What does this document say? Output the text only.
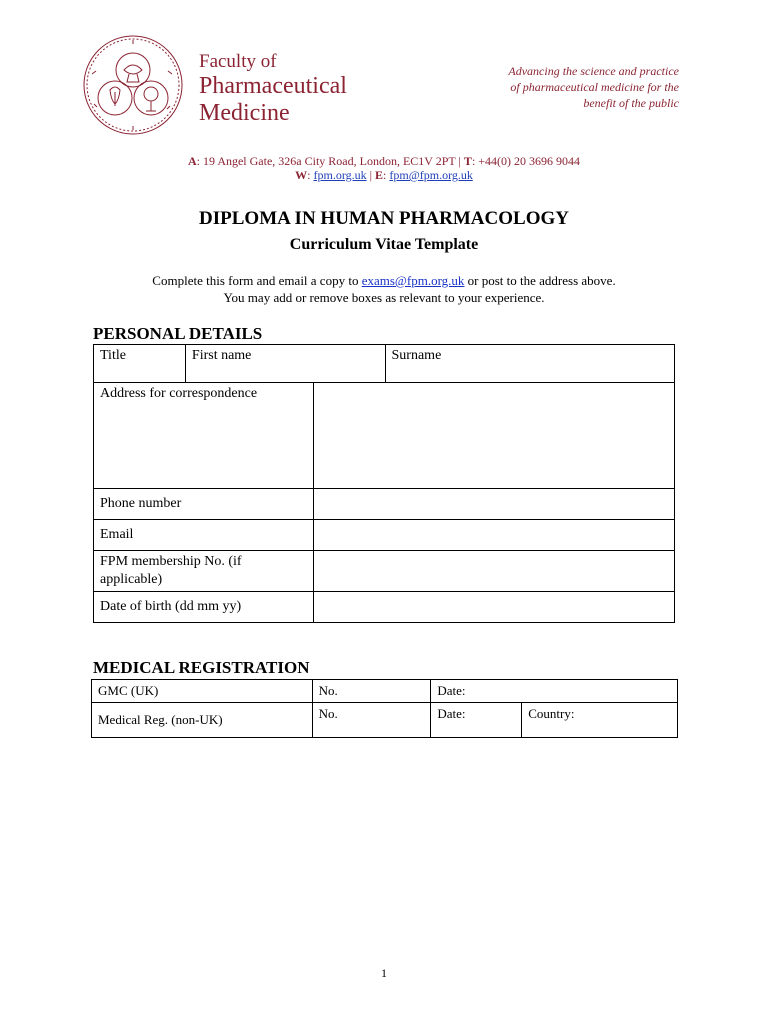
Faculty of
Pharmaceutical
Medicine
Advancing the science and practice
of pharmaceutical medicine for the
benefit of the public
A: 19 Angel Gate, 326a City Road, London, EC1V 2PT | T: +44(0) 20 3696 9044
W: fpm.org.uk | E: fpm@fpm.org.uk
DIPLOMA IN HUMAN PHARMACOLOGY
Curriculum Vitae Template
Complete this form and email a copy to exams@fpm.org.uk or post to the address above.
You may add or remove boxes as relevant to your experience.
PERSONAL DETAILS
Title	First name		Surname
Address for correspondence			
Phone number			
Email			
FPM membership No. (if applicable)			
Date of birth (dd mm yy)			
MEDICAL REGISTRATION
GMC (UK)	No.	Date:	
Medical Reg. (non-UK)	No.	Date:	Country:
1
